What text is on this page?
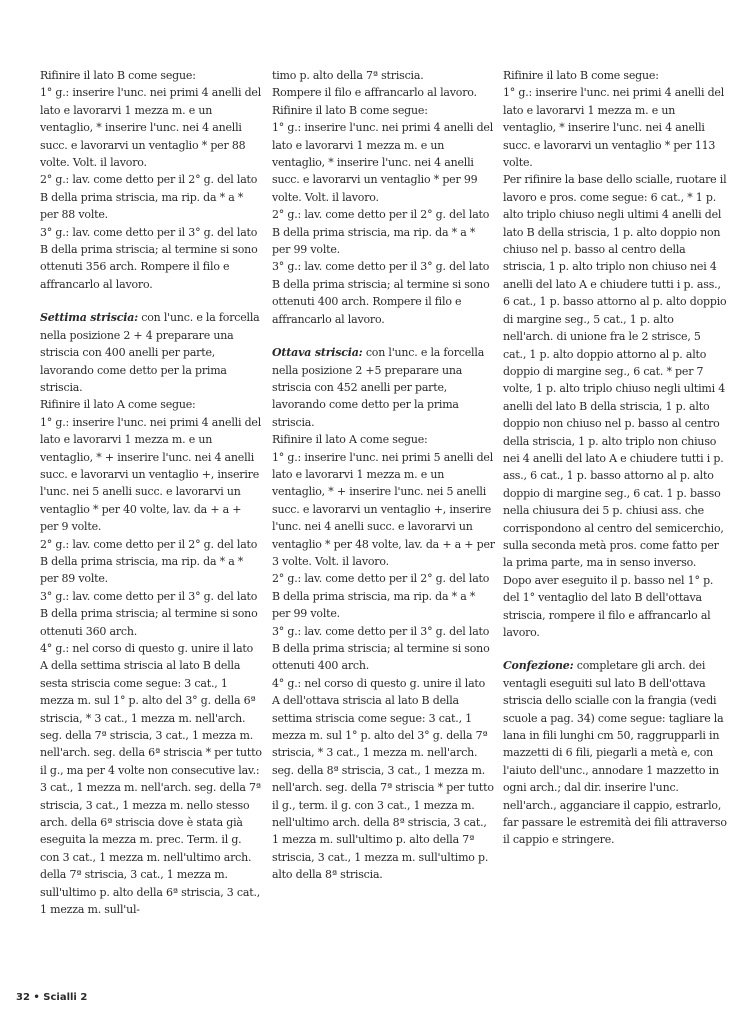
Rifinire il lato B come segue:

1° g.: inserire l'unc. nei primi 4 anelli del lato e lavorarvi 1 mezza m. e un ventaglio, * inserire l'unc. nei 4 anelli succ. e lavorarvi un ventaglio * per 88 volte. Volt. il lavoro.

2° g.: lav. come detto per il 2° g. del lato B della prima striscia, ma rip. da * a * per 88 volte.

3° g.: lav. come detto per il 3° g. del lato B della prima striscia; al termine si sono ottenuti 356 arch. Rompere il filo e affrancarlo al lavoro.

Settima striscia: con l'unc. e la forcella nella posizione 2 + 4 preparare una striscia con 400 anelli per parte, lavorando come detto per la prima striscia.

Rifinire il lato A come segue:

1° g.: inserire l'unc. nei primi 4 anelli del lato e lavorarvi 1 mezza m. e un ventaglio, * + inserire l'unc. nei 4 anelli succ. e lavorarvi un ventaglio +, inserire l'unc. nei 5 anelli succ. e lavorarvi un ventaglio * per 40 volte, lav. da + a + per 9 volte.

2° g.: lav. come detto per il 2° g. del lato B della prima striscia, ma rip. da * a * per 89 volte.

3° g.: lav. come detto per il 3° g. del lato B della prima striscia; al termine si sono ottenuti 360 arch.

4° g.: nel corso di questo g. unire il lato A della settima striscia al lato B della sesta striscia come segue: 3 cat., 1 mezza m. sul 1° p. alto del 3° g. della 6ª striscia, * 3 cat., 1 mezza m. nell'arch. seg. della 7ª striscia, 3 cat., 1 mezza m. nell'arch. seg. della 6ª striscia * per tutto il g., ma per 4 volte non consecutive lav.: 3 cat., 1 mezza m. nell'arch. seg. della 7ª striscia, 3 cat., 1 mezza m. nello stesso arch. della 6ª striscia dove è stata già eseguita la mezza m. prec. Term. il g. con 3 cat., 1 mezza m. nell'ultimo arch. della 7ª striscia, 3 cat., 1 mezza m. sull'ultimo p. alto della 6ª striscia, 3 cat., 1 mezza m. sull'ul-

timo p. alto della 7ª striscia.

Rompere il filo e affrancarlo al lavoro.

Rifinire il lato B come segue:

1° g.: inserire l'unc. nei primi 4 anelli del lato e lavorarvi 1 mezza m. e un ventaglio, * inserire l'unc. nei 4 anelli succ. e lavorarvi un ventaglio * per 99 volte. Volt. il lavoro.

2° g.: lav. come detto per il 2° g. del lato B della prima striscia, ma rip. da * a * per 99 volte.

3° g.: lav. come detto per il 3° g. del lato B della prima striscia; al termine si sono ottenuti 400 arch. Rompere il filo e affrancarlo al lavoro.

Ottava striscia: con l'unc. e la forcella nella posizione 2 +5 preparare una striscia con 452 anelli per parte, lavorando come detto per la prima striscia.

Rifinire il lato A come segue:

1° g.: inserire l'unc. nei primi 5 anelli del lato e lavorarvi 1 mezza m. e un ventaglio, * + inserire l'unc. nei 5 anelli succ. e lavorarvi un ventaglio +, inserire l'unc. nei 4 anelli succ. e lavorarvi un ventaglio * per 48 volte, lav. da + a + per 3 volte. Volt. il lavoro.

2° g.: lav. come detto per il 2° g. del lato B della prima striscia, ma rip. da * a * per 99 volte.

3° g.: lav. come detto per il 3° g. del lato B della prima striscia; al termine si sono ottenuti 400 arch.

4° g.: nel corso di questo g. unire il lato A dell'ottava striscia al lato B della settima striscia come segue: 3 cat., 1 mezza m. sul 1° p. alto del 3° g. della 7ª striscia, * 3 cat., 1 mezza m. nell'arch. seg. della 8ª striscia, 3 cat., 1 mezza m. nell'arch. seg. della 7ª striscia * per tutto il g., term. il g. con 3 cat., 1 mezza m. nell'ultimo arch. della 8ª striscia, 3 cat., 1 mezza m. sull'ultimo p. alto della 7ª striscia, 3 cat., 1 mezza m. sull'ultimo p. alto della 8ª striscia.

Rifinire il lato B come segue:

1° g.: inserire l'unc. nei primi 4 anelli del lato e lavorarvi 1 mezza m. e un ventaglio, * inserire l'unc. nei 4 anelli succ. e lavorarvi un ventaglio * per 113 volte.

Per rifinire la base dello scialle, ruotare il lavoro e pros. come segue: 6 cat., * 1 p. alto triplo chiuso negli ultimi 4 anelli del lato B della striscia, 1 p. alto doppio non chiuso nel p. basso al centro della striscia, 1 p. alto triplo non chiuso nei 4 anelli del lato A e chiudere tutti i p. ass., 6 cat., 1 p. basso attorno al p. alto doppio di margine seg., 5 cat., 1 p. alto nell'arch. di unione fra le 2 strisce, 5 cat., 1 p. alto doppio attorno al p. alto doppio di margine seg., 6 cat. * per 7 volte, 1 p. alto triplo chiuso negli ultimi 4 anelli del lato B della striscia, 1 p. alto doppio non chiuso nel p. basso al centro della striscia, 1 p. alto triplo non chiuso nei 4 anelli del lato A e chiudere tutti i p. ass., 6 cat., 1 p. basso attorno al p. alto doppio di margine seg., 6 cat. 1 p. basso nella chiusura dei 5 p. chiusi ass. che corrispondono al centro del semicerchio, sulla seconda metà pros. come fatto per la prima parte, ma in senso inverso.

Dopo aver eseguito il p. basso nel 1° p. del 1° ventaglio del lato B dell'ottava striscia, rompere il filo e affrancarlo al lavoro.

Confezione: completare gli arch. dei ventagli eseguiti sul lato B dell'ottava striscia dello scialle con la frangia (vedi scuole a pag. 34) come segue: tagliare la lana in fili lunghi cm 50, raggrupparli in mazzetti di 6 fili, piegarli a metà e, con l'aiuto dell'unc., annodare 1 mazzetto in ogni arch.; dal dir. inserire l'unc. nell'arch., agganciare il cappio, estrarlo, far passare le estremità dei fili attraverso il cappio e stringere.

32 • Scialli 2
